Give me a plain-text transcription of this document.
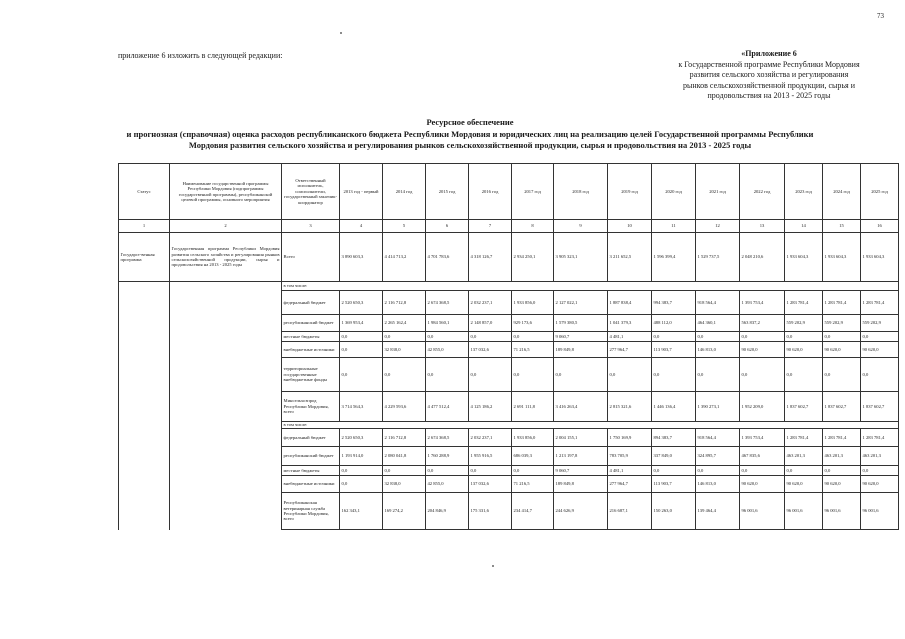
73
приложение 6 изложить в следующей редакции:	«Приложение 6
к Государственной программе Республики Мордовия
развития сельского хозяйства и регулирования
рынков сельскохозяйственной продукции, сырья и
продовольствия на 2013 - 2025 годы
Ресурсное обеспечение
и прогнозная (справочная) оценка расходов республиканского бюджета Республики Мордовия и юридических лиц на реализацию целей Государственной программы Республики
Мордовия развития сельского хозяйства и регулирования рынков сельскохозяйственной продукции, сырья и продовольствия на 2013 - 2025 годы
Статус	Наименование государственной программы Республики Мордовия (подпрограммы государственной программы), республиканской целевой программы, основного мероприятия	Ответственный исполнитель, соисполнители, государственный заказчик-координатор	2013 год - первый	2014 год	2015 год	2016 год	2017 год	2018 год	2019 год	2020 год	2021 год	2022 год	2023 год	2024 год	2025 год
1	2	3	4	5	6	7	8	9	10	11	12	13	14	15	16
Государст-венная программа	Государственная программа Республики Мордовия развития сельского хозяйства и регулирования рынков сельскохозяйственной продукции, сырья и продовольствия на 2013 - 2025 годы	Всего	3 890 603,3	4 414 713,2	4 701 783,6	4 318 126,7	2 934 250,1	3 905 323,1	3 211 652,5	1 596 399,4	1 529 737,5	2 048 210,6	1 933 604,3	1 933 604,3	1 933 604,3
		в том числе:													
		федеральный бюджет	2 520 650,3	2 116 712,8	2 674 368,5	2 032 237,1	1 933 856,0	2 127 022,1	1 887 838,4	994 383,7	918 564,4	1 393 753,4	1 283 781,4	1 283 781,4	1 283 781,4
		республиканский бюджет	1 369 953,4	2 265 162,4	1 984 560,1	2 148 857,0	929 173,6	1 579 380,5	1 041 379,3	488 112,0	464 360,1	563 837,2	559 202,9	559 202,9	559 202,9
		местные бюджеты	0,0	0,0	0,0	0,0	0,0	9 060,7	4 481,1	0,0	0,0	0,0	0,0	0,0	0,0
		внебюджетные источники	0,0	32 838,0	42 855,0	137 032,6	71 216,5	189 849,8	277 964,7	113 903,7	146 813,0	90 620,0	90 620,0	90 620,0	90 620,0
		территориальные государственные внебюджетные фонды	0,0	0,0	0,0	0,0	0,0	0,0	0,0	0,0	0,0	0,0	0,0	0,0	0,0
		Минсельхозпрод Республики Мордовия, всего	3 714 564,3	4 229 593,6	4 477 512,4	4 125 186,2	2 691 111,8	3 416 263,4	2 815 321,6	1 446 136,4	1 390 273,1	1 952 209,0	1 837 602,7	1 837 602,7	1 837 602,7
		в том числе:													
		федеральный бюджет	2 520 650,3	2 116 712,8	2 674 368,5	2 032 237,1	1 933 856,0	2 004 155,1	1 750 169,9	894 383,7	918 564,4	1 393 753,4	1 283 781,4	1 283 781,4	1 283 781,4
		республиканский бюджет	1 193 914,0	2 080 041,8	1 760 288,9	1 955 916,5	686 039,3	1 213 197,8	783 705,9	337 849,0	324 895,7	467 835,6	463 201,3	463 201,3	463 201,3
		местные бюджеты	0,0	0,0	0,0	0,0	0,0	9 060,7	4 481,1	0,0	0,0	0,0	0,0	0,0	0,0
		внебюджетные источники	0,0	32 838,0	42 855,0	137 032,6	71 216,5	189 849,8	277 964,7	113 903,7	146 813,0	90 620,0	90 620,0	90 620,0	90 620,0
		Республиканская ветеринарная служба Республики Мордовия, всего	162 343,1	169 274,2	204 846,9	175 331,6	234 414,7	244 626,9	216 687,1	150 263,0	139 464,4	96 001,6	96 001,6	96 001,6	96 001,6
